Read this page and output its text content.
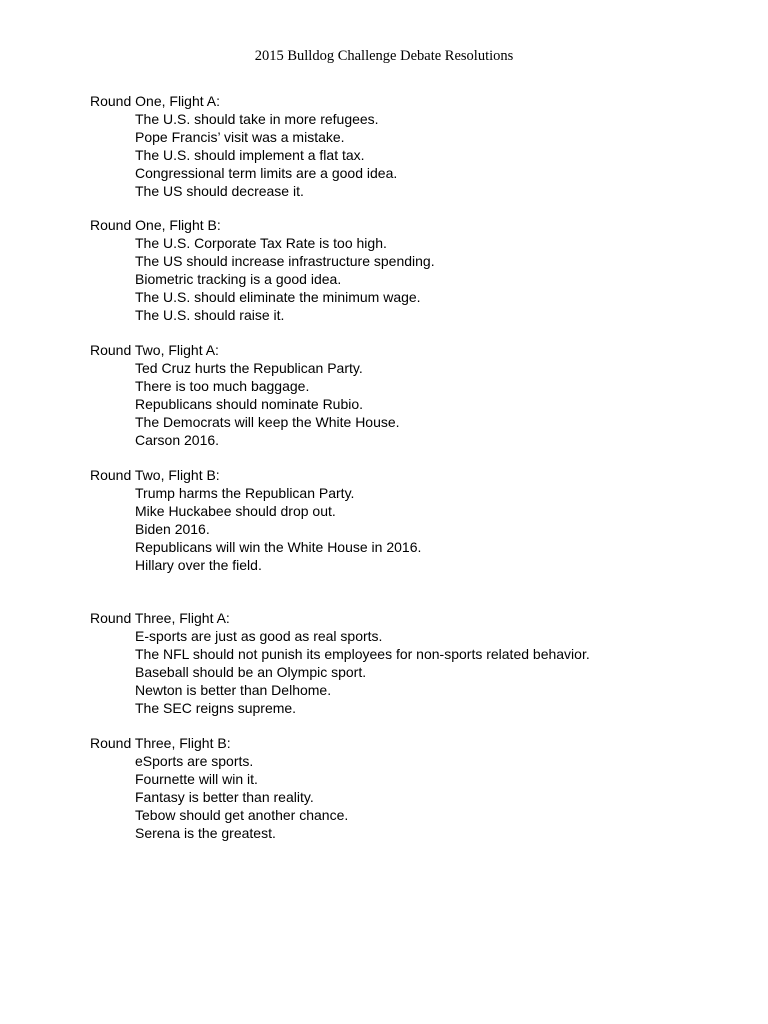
2015 Bulldog Challenge Debate Resolutions
Round One, Flight A:
The U.S. should take in more refugees.
Pope Francis’ visit was a mistake.
The U.S. should implement a flat tax.
Congressional term limits are a good idea.
The US should decrease it.
Round One, Flight B:
The U.S. Corporate Tax Rate is too high.
The US should increase infrastructure spending.
Biometric tracking is a good idea.
The U.S. should eliminate the minimum wage.
The U.S. should raise it.
Round Two, Flight A:
Ted Cruz hurts the Republican Party.
There is too much baggage.
Republicans should nominate Rubio.
The Democrats will keep the White House.
Carson 2016.
Round Two, Flight B:
Trump harms the Republican Party.
Mike Huckabee should drop out.
Biden 2016.
Republicans will win the White House in 2016.
Hillary over the field.
Round Three, Flight A:
E-sports are just as good as real sports.
The NFL should not punish its employees for non-sports related behavior.
Baseball should be an Olympic sport.
Newton is better than Delhome.
The SEC reigns supreme.
Round Three, Flight B:
eSports are sports.
Fournette will win it.
Fantasy is better than reality.
Tebow should get another chance.
Serena is the greatest.
